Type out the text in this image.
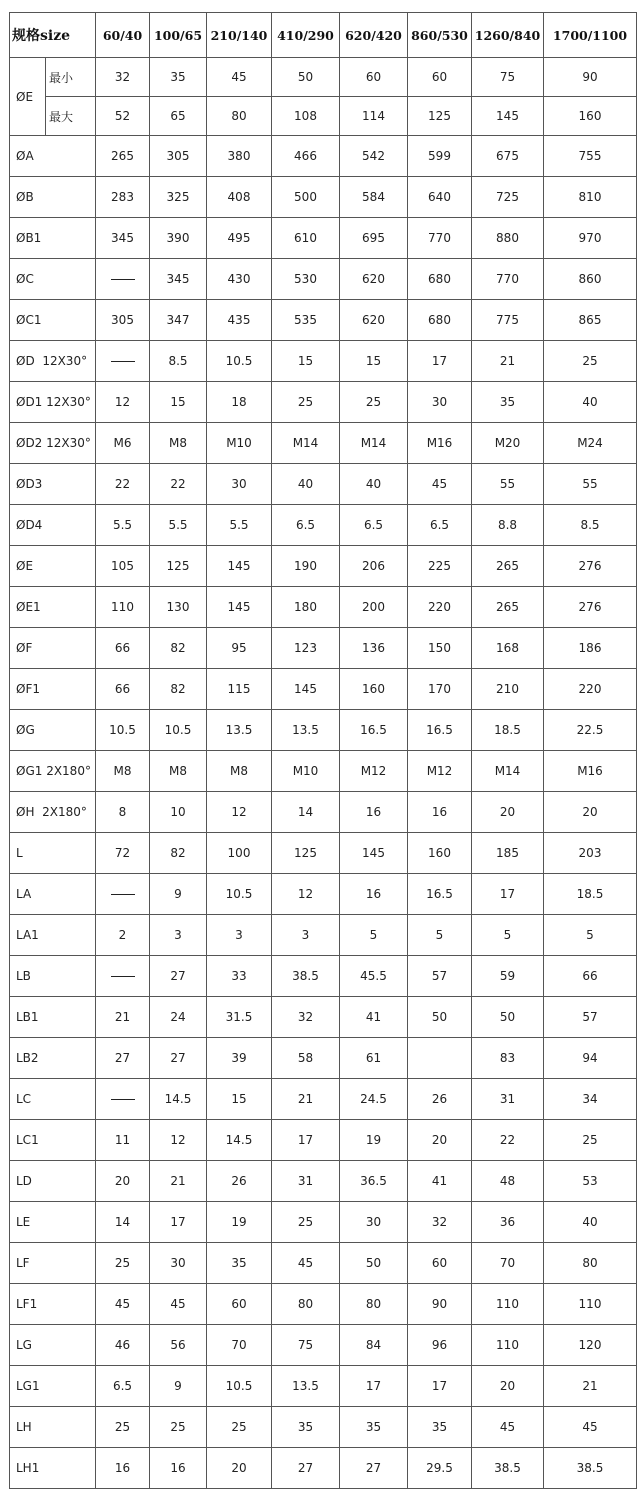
规格size		60/40	100/65	210/140	410/290	620/420	860/530	1260/840	1700/1100
ØE	最小	32	35	45	50	60	60	75	90
	最大	52	65	80	108	114	125	145	160
ØA		265	305	380	466	542	599	675	755
ØB		283	325	408	500	584	640	725	810
ØB1		345	390	495	610	695	770	880	970
ØC			345	430	530	620	680	770	860
ØC1		305	347	435	535	620	680	775	865
ØD  12X30°			8.5	10.5	15	15	17	21	25
ØD1 12X30°		12	15	18	25	25	30	35	40
ØD2 12X30°		M6	M8	M10	M14	M14	M16	M20	M24
ØD3		22	22	30	40	40	45	55	55
ØD4		5.5	5.5	5.5	6.5	6.5	6.5	8.8	8.5
ØE		105	125	145	190	206	225	265	276
ØE1		110	130	145	180	200	220	265	276
ØF		66	82	95	123	136	150	168	186
ØF1		66	82	115	145	160	170	210	220
ØG		10.5	10.5	13.5	13.5	16.5	16.5	18.5	22.5
ØG1 2X180°		M8	M8	M8	M10	M12	M12	M14	M16
ØH  2X180°		8	10	12	14	16	16	20	20
L		72	82	100	125	145	160	185	203
LA			9	10.5	12	16	16.5	17	18.5
LA1		2	3	3	3	5	5	5	5
LB			27	33	38.5	45.5	57	59	66
LB1		21	24	31.5	32	41	50	50	57
LB2		27	27	39	58	61		83	94
LC			14.5	15	21	24.5	26	31	34
LC1		11	12	14.5	17	19	20	22	25
LD		20	21	26	31	36.5	41	48	53
LE		14	17	19	25	30	32	36	40
LF		25	30	35	45	50	60	70	80
LF1		45	45	60	80	80	90	110	110
LG		46	56	70	75	84	96	110	120
LG1		6.5	9	10.5	13.5	17	17	20	21
LH		25	25	25	35	35	35	45	45
LH1		16	16	20	27	27	29.5	38.5	38.5
